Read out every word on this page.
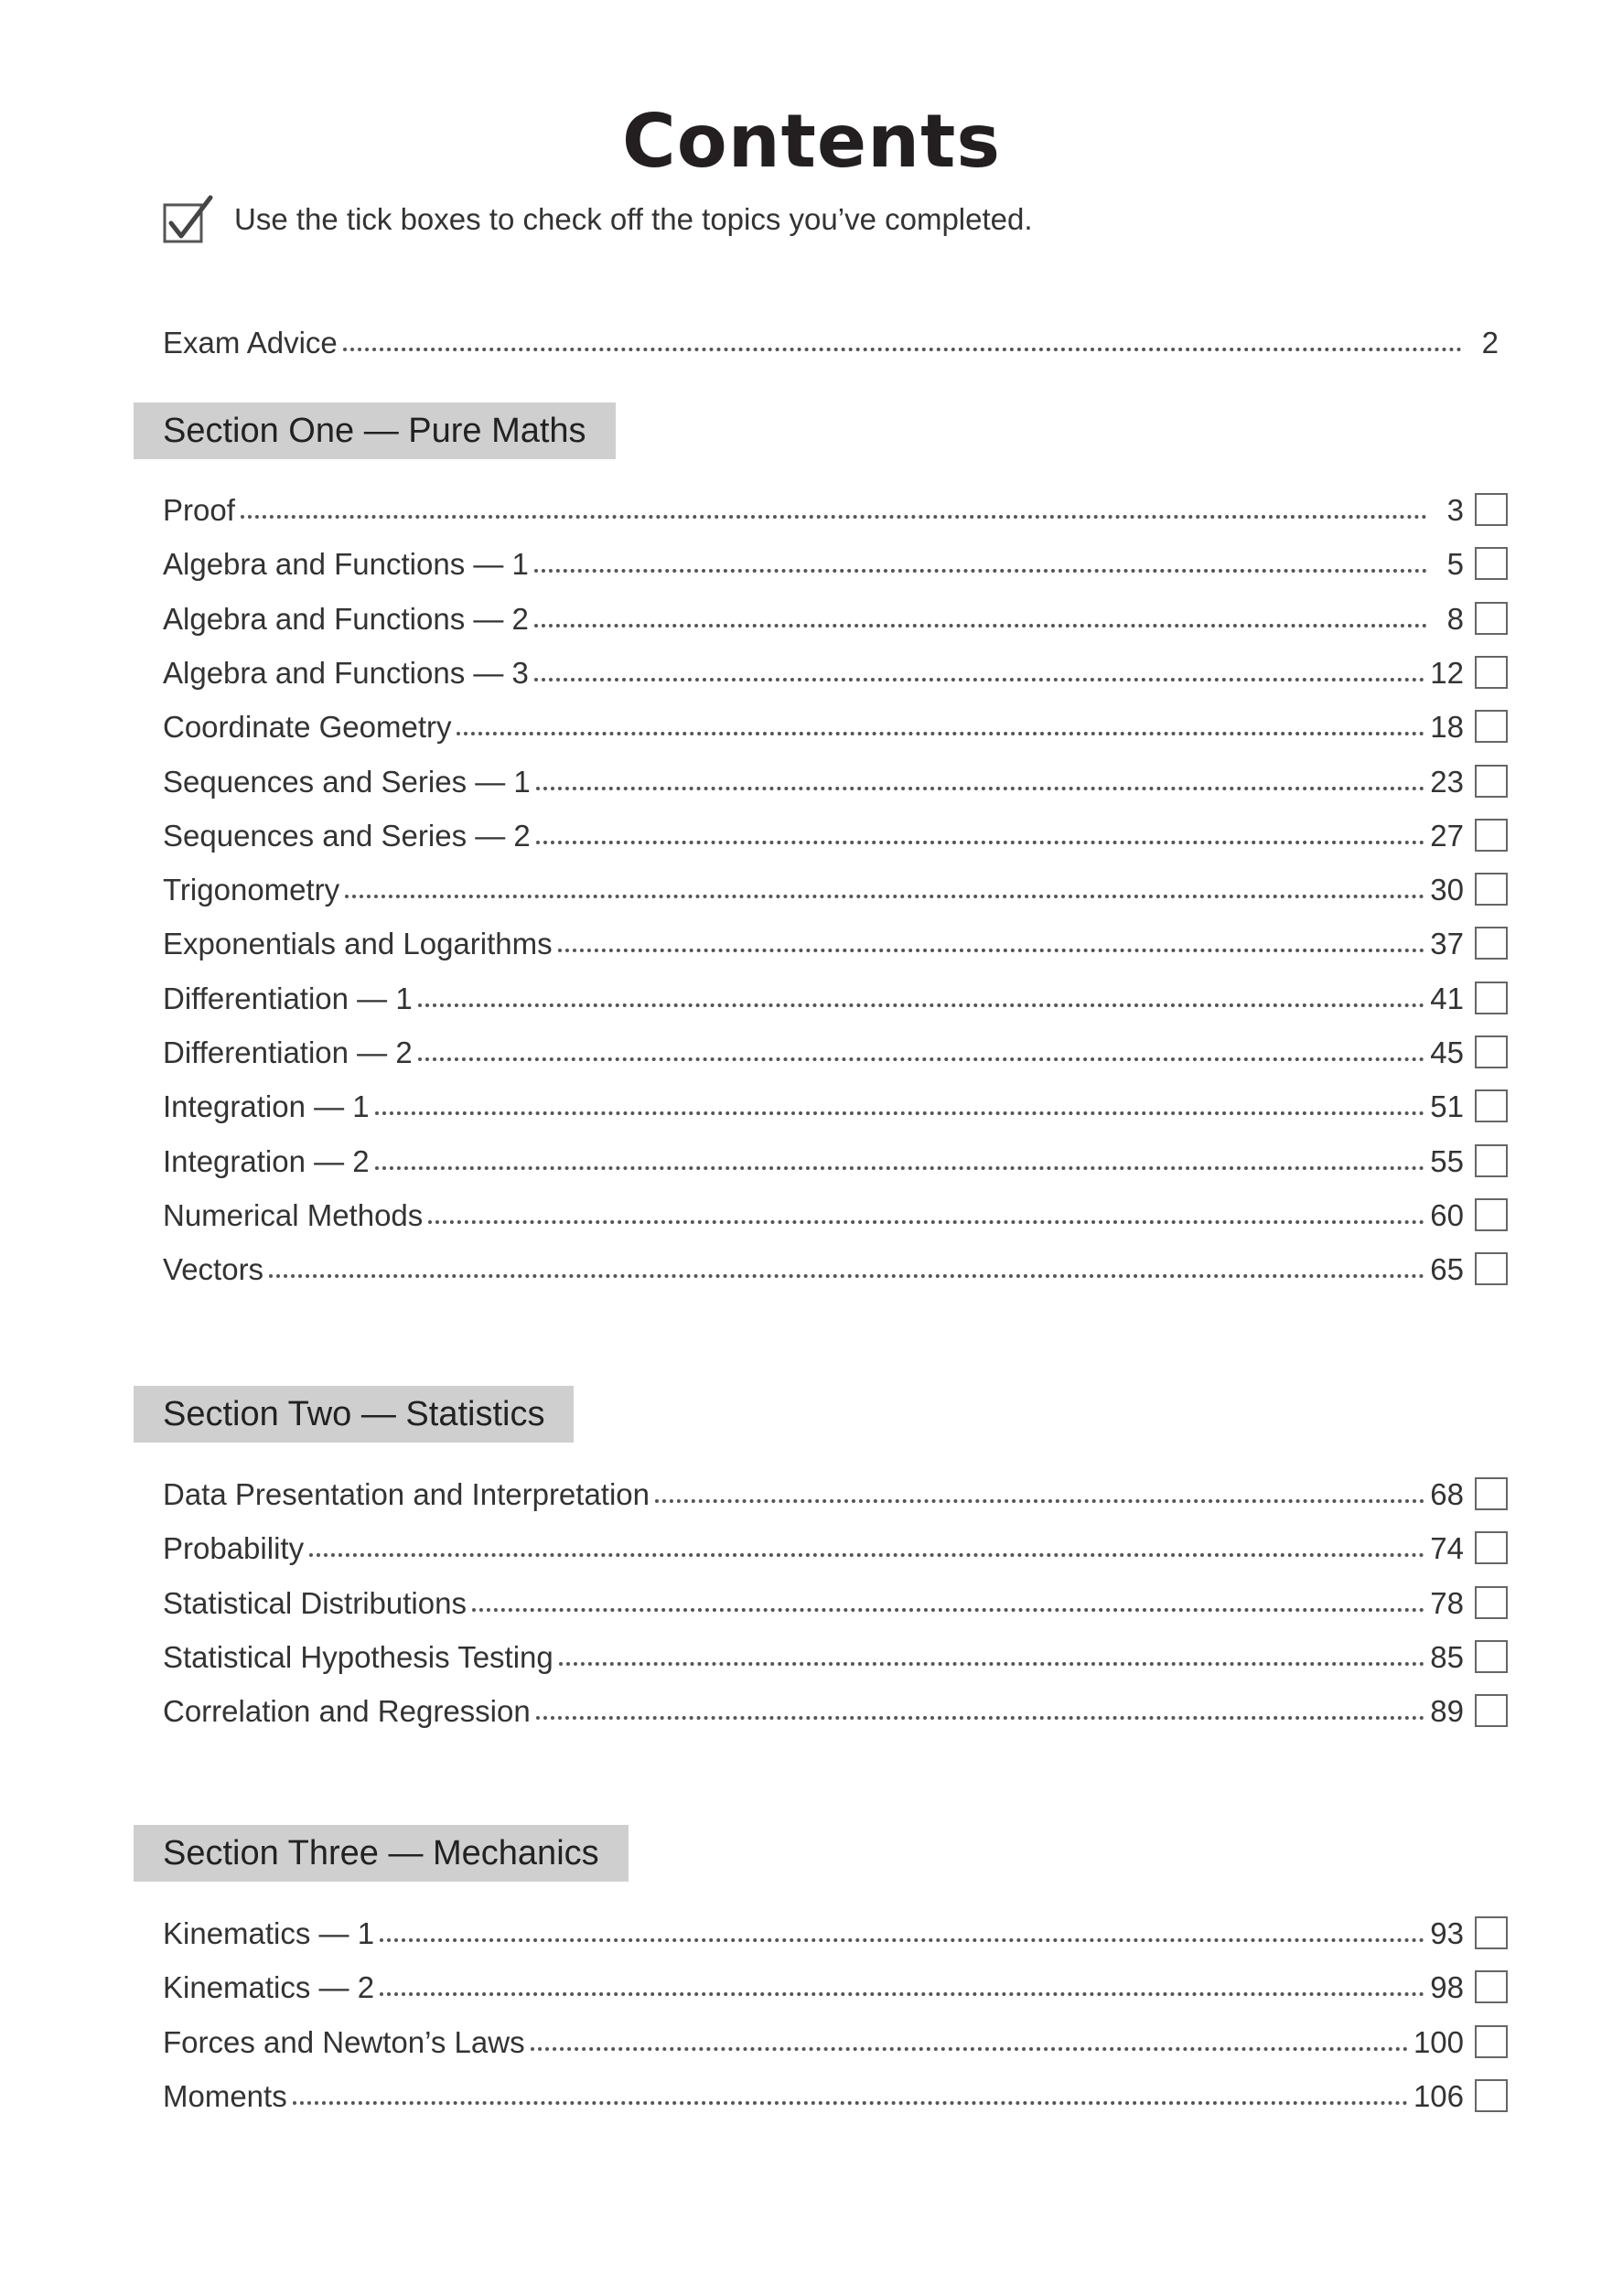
Contents
Use the tick boxes to check off the topics you’ve completed.
Exam Advice	2
Section One — Pure Maths
Proof	3
Algebra and Functions — 1	5
Algebra and Functions — 2	8
Algebra and Functions — 3	12
Coordinate Geometry	18
Sequences and Series — 1	23
Sequences and Series — 2	27
Trigonometry	30
Exponentials and Logarithms	37
Differentiation — 1	41
Differentiation — 2	45
Integration — 1	51
Integration — 2	55
Numerical Methods	60
Vectors	65
Section Two — Statistics
Data Presentation and Interpretation	68
Probability	74
Statistical Distributions	78
Statistical Hypothesis Testing	85
Correlation and Regression	89
Section Three — Mechanics
Kinematics — 1	93
Kinematics — 2	98
Forces and Newton’s Laws	100
Moments	106
